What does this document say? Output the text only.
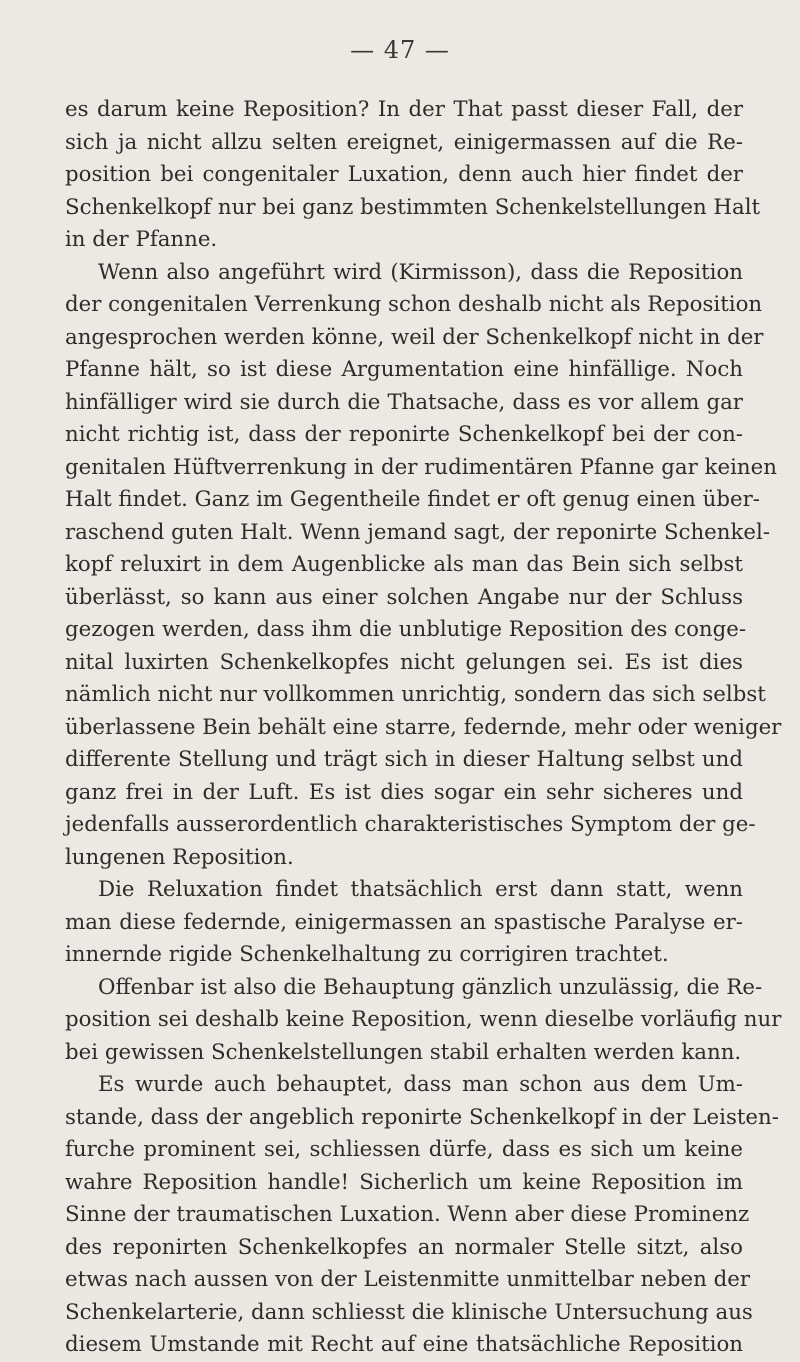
— 47 —
es darum keine Reposition? In der That passt dieser Fall, der
sich ja nicht allzu selten ereignet, einigermassen auf die Re-
position bei congenitaler Luxation, denn auch hier findet der
Schenkelkopf nur bei ganz bestimmten Schenkelstellungen Halt
in der Pfanne.
Wenn also angeführt wird (Kirmisson), dass die Reposition
der congenitalen Verrenkung schon deshalb nicht als Reposition
angesprochen werden könne, weil der Schenkelkopf nicht in der
Pfanne hält, so ist diese Argumentation eine hinfällige. Noch
hinfälliger wird sie durch die Thatsache, dass es vor allem gar
nicht richtig ist, dass der reponirte Schenkelkopf bei der con-
genitalen Hüftverrenkung in der rudimentären Pfanne gar keinen
Halt findet. Ganz im Gegentheile findet er oft genug einen über-
raschend guten Halt. Wenn jemand sagt, der reponirte Schenkel-
kopf reluxirt in dem Augenblicke als man das Bein sich selbst
überlässt, so kann aus einer solchen Angabe nur der Schluss
gezogen werden, dass ihm die unblutige Reposition des conge-
nital luxirten Schenkelkopfes nicht gelungen sei. Es ist dies
nämlich nicht nur vollkommen unrichtig, sondern das sich selbst
überlassene Bein behält eine starre, federnde, mehr oder weniger
differente Stellung und trägt sich in dieser Haltung selbst und
ganz frei in der Luft. Es ist dies sogar ein sehr sicheres und
jedenfalls ausserordentlich charakteristisches Symptom der ge-
lungenen Reposition.
Die Reluxation findet thatsächlich erst dann statt, wenn
man diese federnde, einigermassen an spastische Paralyse er-
innernde rigide Schenkelhaltung zu corrigiren trachtet.
Offenbar ist also die Behauptung gänzlich unzulässig, die Re-
position sei deshalb keine Reposition, wenn dieselbe vorläufig nur
bei gewissen Schenkelstellungen stabil erhalten werden kann.
Es wurde auch behauptet, dass man schon aus dem Um-
stande, dass der angeblich reponirte Schenkelkopf in der Leisten-
furche prominent sei, schliessen dürfe, dass es sich um keine
wahre Reposition handle! Sicherlich um keine Reposition im
Sinne der traumatischen Luxation. Wenn aber diese Prominenz
des reponirten Schenkelkopfes an normaler Stelle sitzt, also
etwas nach aussen von der Leistenmitte unmittelbar neben der
Schenkelarterie, dann schliesst die klinische Untersuchung aus
diesem Umstande mit Recht auf eine thatsächliche Reposition
